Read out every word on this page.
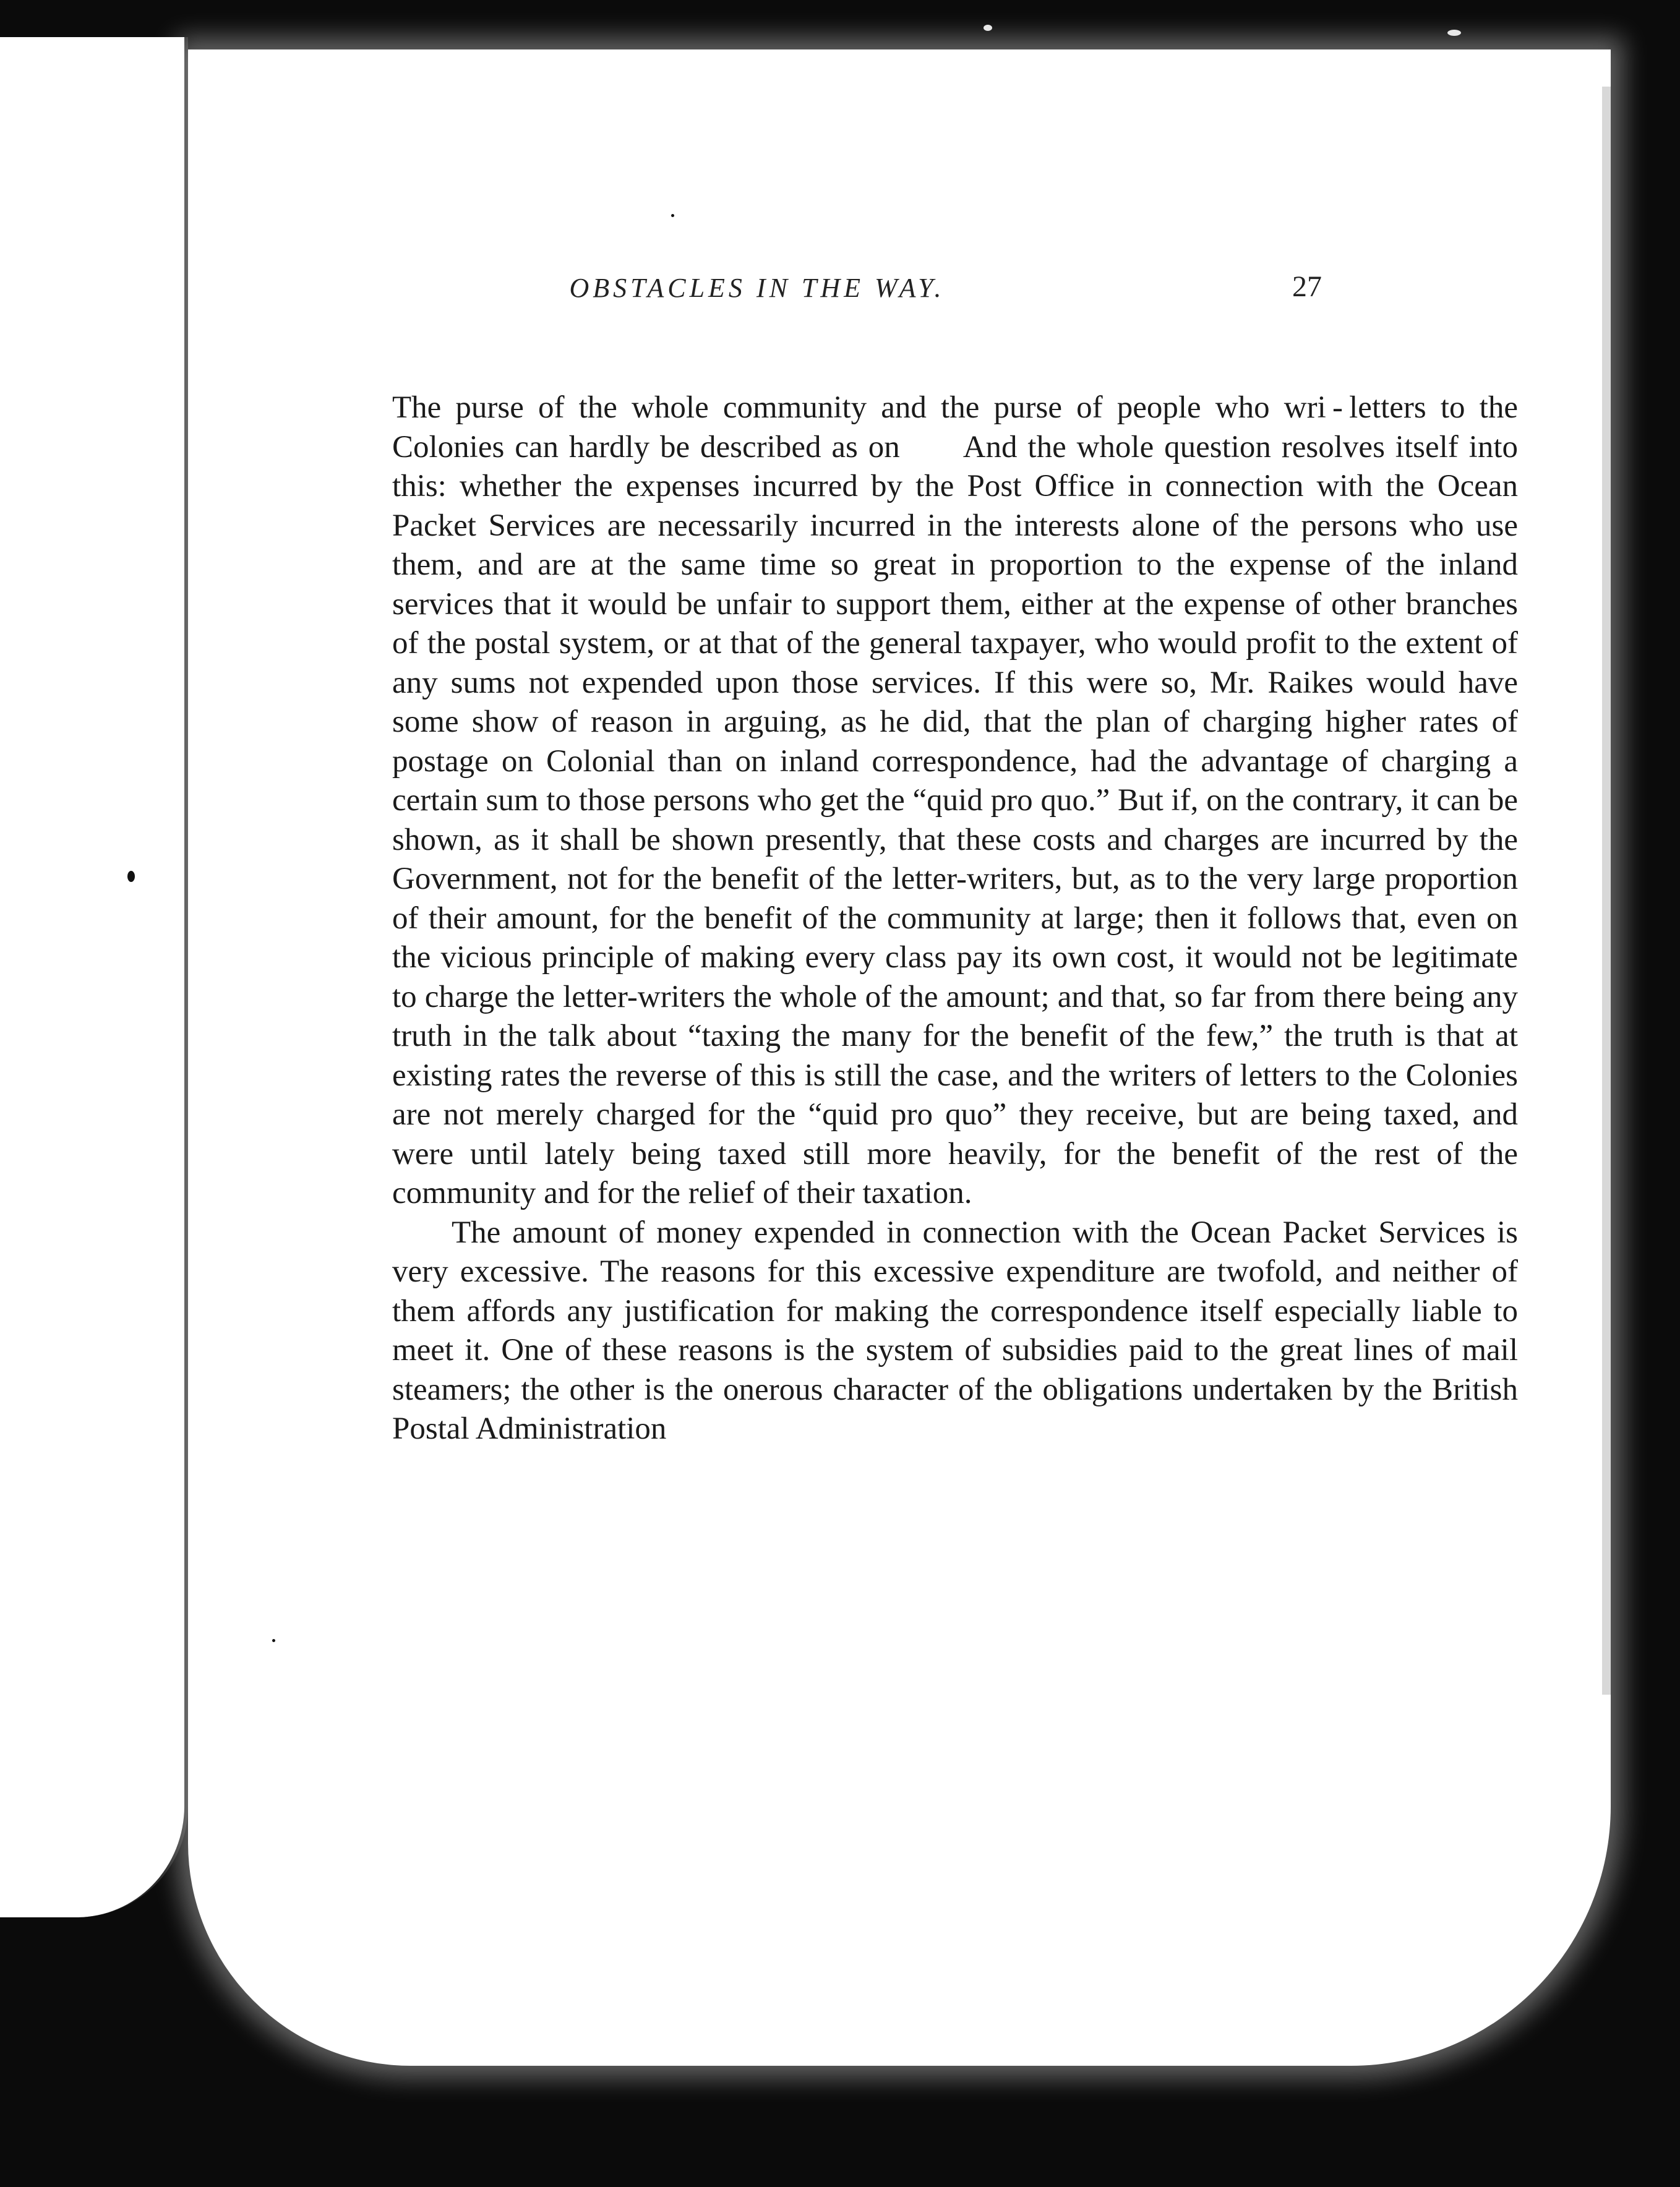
OBSTACLES IN THE WAY.	27

The purse of the whole community and the purse of people who wri - letters to the Colonies can hardly be described as on  And the whole question resolves itself into this: whether the expenses incurred by the Post Office in connection with the Ocean Packet Services are necessarily incurred in the interests alone of the persons who use them, and are at the same time so great in proportion to the expense of the inland services that it would be unfair to support them, either at the expense of other branches of the postal system, or at that of the general taxpayer, who would profit to the extent of any sums not expended upon those services. If this were so, Mr. Raikes would have some show of reason in arguing, as he did, that the plan of charging higher rates of postage on Colonial than on inland correspondence, had the advantage of charging a certain sum to those persons who get the “quid pro quo.” But if, on the contrary, it can be shown, as it shall be shown presently, that these costs and charges are incurred by the Government, not for the benefit of the letter-writers, but, as to the very large proportion of their amount, for the benefit of the community at large; then it follows that, even on the vicious principle of making every class pay its own cost, it would not be legitimate to charge the letter-writers the whole of the amount; and that, so far from there being any truth in the talk about “taxing the many for the benefit of the few,” the truth is that at existing rates the reverse of this is still the case, and the writers of letters to the Colonies are not merely charged for the “quid pro quo” they receive, but are being taxed, and were until lately being taxed still more heavily, for the benefit of the rest of the community and for the relief of their taxation.

The amount of money expended in connection with the Ocean Packet Services is very excessive. The reasons for this excessive expenditure are twofold, and neither of them affords any justification for making the correspondence itself especially liable to meet it. One of these reasons is the system of subsidies paid to the great lines of mail steamers; the other is the onerous character of the obligations undertaken by the British Postal Administration
